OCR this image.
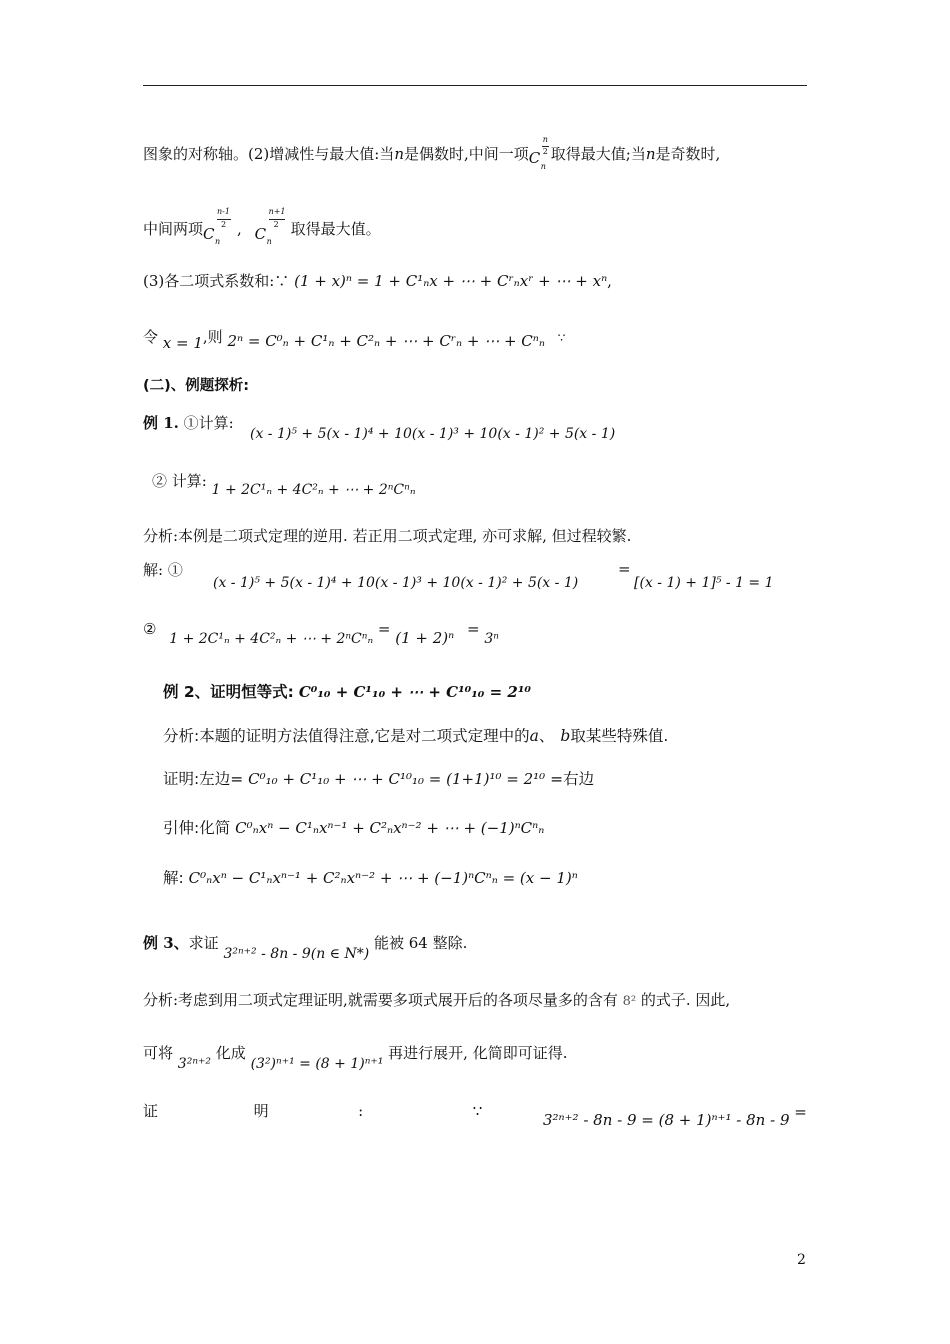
图象的对称轴。(2)增减性与最大值:当n是偶数时,中间一项 C
n
2
n
取得最大值;当n是奇数时,
中间两项 C
n-1
2
n
, C
n+1
2
n
取得最大值。
(3)各二项式系数和:∵ (1 + x)ⁿ = 1 + C¹ₙx + ⋯ + Cʳₙxʳ + ⋯ + xⁿ,
令 x = 1,则 2ⁿ = C⁰ₙ + C¹ₙ + C²ₙ + ⋯ + Cʳₙ + ⋯ + Cⁿₙ ∵
(二)、例题探析:
例 1. ①计算:
(x - 1)⁵ + 5(x - 1)⁴ + 10(x - 1)³ + 10(x - 1)² + 5(x - 1)
② 计算: 1 + 2C¹ₙ + 4C²ₙ + ⋯ + 2ⁿCⁿₙ
分析:本例是二项式定理的逆用. 若正用二项式定理, 亦可求解, 但过程较繁.
解: ①
(x - 1)⁵ + 5(x - 1)⁴ + 10(x - 1)³ + 10(x - 1)² + 5(x - 1)
=
[(x - 1) + 1]⁵ - 1 = 1
② 1 + 2C¹ₙ + 4C²ₙ + ⋯ + 2ⁿCⁿₙ = (1 + 2)ⁿ = 3ⁿ
例 2、证明恒等式: C⁰₁₀ + C¹₁₀ + ⋯ + C¹⁰₁₀ = 2¹⁰
分析:本题的证明方法值得注意,它是对二项式定理中的a、 b取某些特殊值.
证明:左边= C⁰₁₀ + C¹₁₀ + ⋯ + C¹⁰₁₀ = (1+1)¹⁰ = 2¹⁰ =右边
引伸:化简 C⁰ₙxⁿ − C¹ₙxⁿ⁻¹ + C²ₙxⁿ⁻² + ⋯ + (−1)ⁿCⁿₙ
解: C⁰ₙxⁿ − C¹ₙxⁿ⁻¹ + C²ₙxⁿ⁻² + ⋯ + (−1)ⁿCⁿₙ = (x − 1)ⁿ
例 3、求证 3²ⁿ⁺² - 8n - 9(n ∈ N*) 能被 64 整除.
分析:考虑到用二项式定理证明,就需要多项式展开后的各项尽量多的含有 8² 的式子. 因此,
可将 3²ⁿ⁺² 化成 (3²)ⁿ⁺¹ = (8 + 1)ⁿ⁺¹ 再进行展开, 化简即可证得.
证	明	:	∵	3²ⁿ⁺² - 8n - 9 = (8 + 1)ⁿ⁺¹ - 8n - 9 =
2
